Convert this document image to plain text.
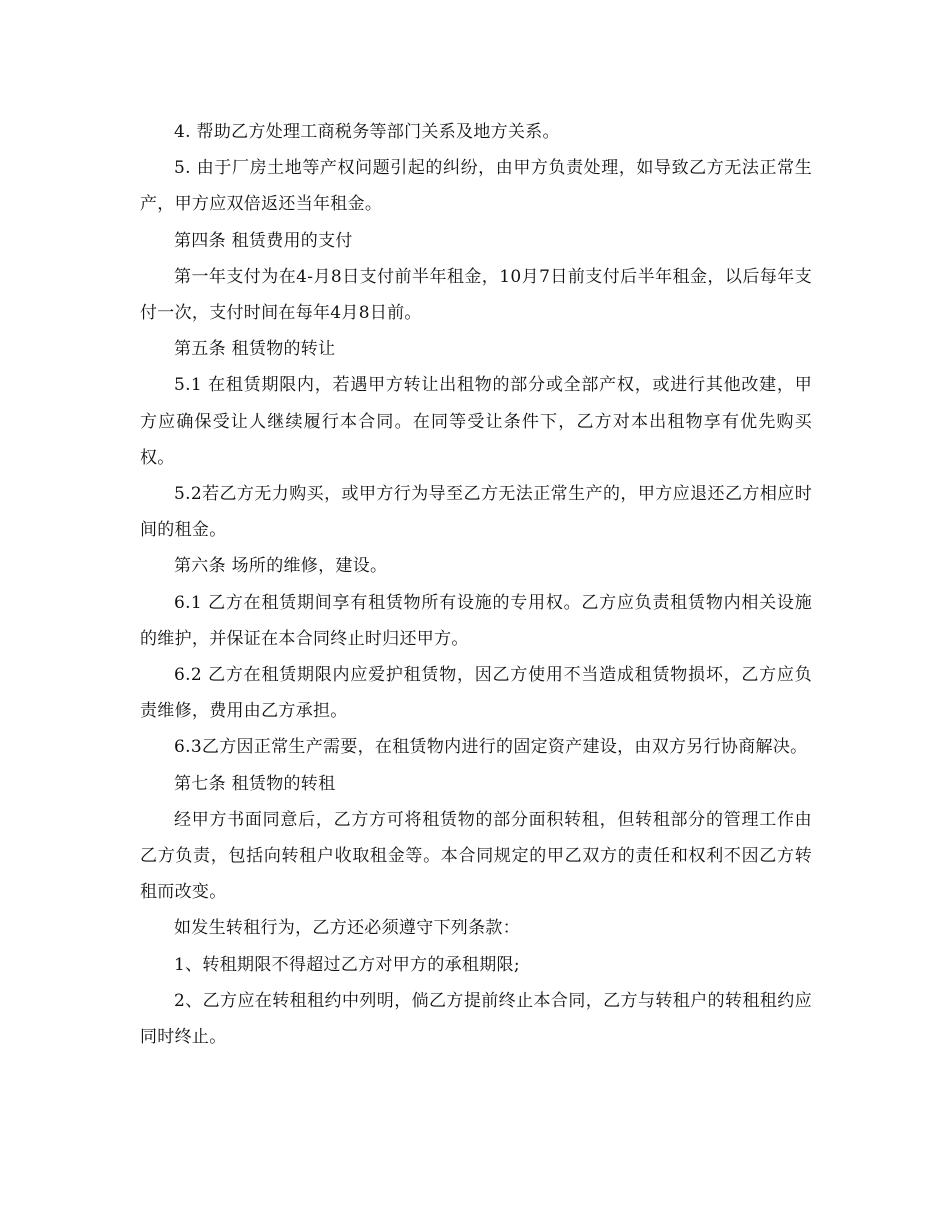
4. 帮助乙方处理工商税务等部门关系及地方关系。

5. 由于厂房土地等产权问题引起的纠纷，由甲方负责处理，如导致乙方无法正常生产，甲方应双倍返还当年租金。

第四条 租赁费用的支付

第一年支付为在4-月8日支付前半年租金，10月7日前支付后半年租金，以后每年支付一次，支付时间在每年4月8日前。

第五条 租赁物的转让

5.1 在租赁期限内，若遇甲方转让出租物的部分或全部产权，或进行其他改建，甲方应确保受让人继续履行本合同。在同等受让条件下，乙方对本出租物享有优先购买权。

5.2若乙方无力购买，或甲方行为导至乙方无法正常生产的，甲方应退还乙方相应时间的租金。

第六条 场所的维修，建设。

6.1 乙方在租赁期间享有租赁物所有设施的专用权。乙方应负责租赁物内相关设施的维护，并保证在本合同终止时归还甲方。

6.2 乙方在租赁期限内应爱护租赁物，因乙方使用不当造成租赁物损坏，乙方应负责维修，费用由乙方承担。

6.3乙方因正常生产需要，在租赁物内进行的固定资产建设，由双方另行协商解决。

第七条 租赁物的转租

经甲方书面同意后，乙方方可将租赁物的部分面积转租，但转租部分的管理工作由乙方负责，包括向转租户收取租金等。本合同规定的甲乙双方的责任和权利不因乙方转租而改变。

如发生转租行为，乙方还必须遵守下列条款：

1、转租期限不得超过乙方对甲方的承租期限;

2、乙方应在转租租约中列明，倘乙方提前终止本合同，乙方与转租户的转租租约应同时终止。
